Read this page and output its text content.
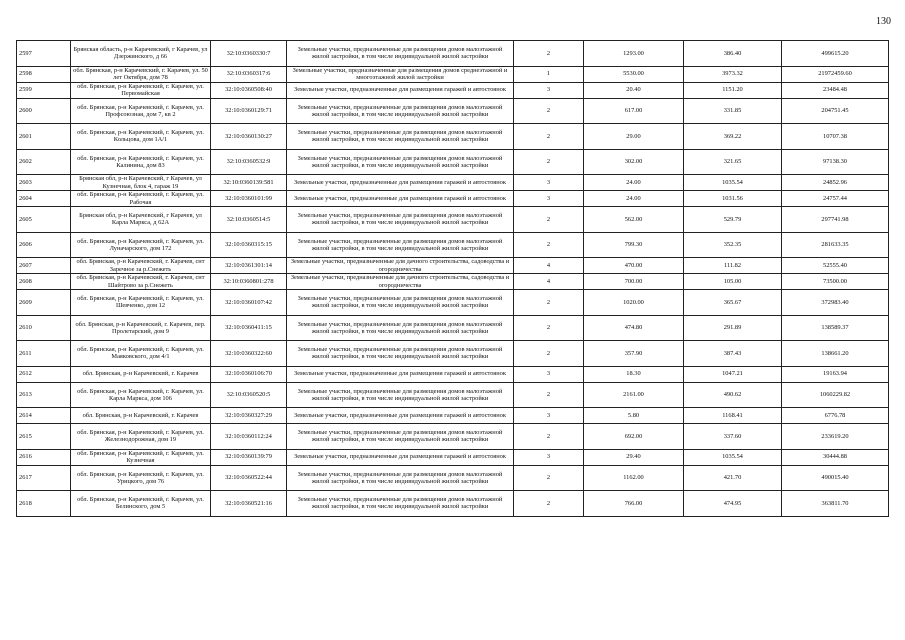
130
2597	Брянская область, р-н Карачевский, г Карачев, ул Дзержинского, д 66	32:10:0360330:7	Земельные участки, предназначенные для размещения домов малоэтажной жилой застройки, в том числе индивидуальной жилой застройки	2	1293.00	386.40	499615.20
2598	обл. Брянская, р-н Карачевский, г. Карачев, ул. 50 лет Октября, дом 78	32:10:0360317:6	Земельные участки, предназначенные для размещения домов среднеэтажной и многоэтажной жилой застройки	1	5530.00	3973.32	21972459.60
2599	обл. Брянская, р-н Карачевский, г. Карачев, ул. Первомайская	32:10:0360508:40	Земельные участки, предназначенные для размещения гаражей и автостоянок	3	20.40	1151.20	23484.48
2600	обл. Брянская, р-н Карачевский, г. Карачев, ул. Профсоюзная, дом 7, кв 2	32:10:0360129:71	Земельные участки, предназначенные для размещения домов малоэтажной жилой застройки, в том числе индивидуальной жилой застройки	2	617.00	331.85	204751.45
2601	обл. Брянская, р-н Карачевский, г. Карачев, ул. Кольцова, дом 1А/1	32:10:0360130:27	Земельные участки, предназначенные для размещения домов малоэтажной жилой застройки, в том числе индивидуальной жилой застройки	2	29.00	369.22	10707.38
2602	обл. Брянская, р-н Карачевский, г. Карачев, ул. Калинина, дом 83	32:10:0360532:9	Земельные участки, предназначенные для размещения домов малоэтажной жилой застройки, в том числе индивидуальной жилой застройки	2	302.00	321.65	97138.30
2603	Брянская обл, р-н Карачевский, г Карачев, ул Кузнечная, блок 4, гараж 19	32:10:0360139:581	Земельные участки, предназначенные для размещения гаражей и автостоянок	3	24.00	1035.54	24852.96
2604	обл. Брянская, р-н Карачевский, г. Карачев, ул. Рабочая	32:10:0360101:99	Земельные участки, предназначенные для размещения гаражей и автостоянок	3	24.00	1031.56	24757.44
2605	Брянская обл, р-н Карачевский, г Карачев, ул Карла Маркса, д 62А	32:10:0360514:5	Земельные участки, предназначенные для размещения домов малоэтажной жилой застройки, в том числе индивидуальной жилой застройки	2	562.00	529.79	297741.98
2606	обл. Брянская, р-н Карачевский, г. Карачев, ул. Луначарского, дом 172	32:10:0360315:15	Земельные участки, предназначенные для размещения домов малоэтажной жилой застройки, в том числе индивидуальной жилой застройки	2	799.30	352.35	281633.35
2607	обл. Брянская, р-н Карачевский, г. Карачев, снт Заречное за р.Снежеть	32:10:0361301:14	Земельные участки, предназначенные для дачного строительства, садоводства и огородничества	4	470.00	111.82	52555.40
2608	обл. Брянская, р-н Карачевский, г. Карачев, снт Шайтрово за р.Снежеть	32:10:0360801:278	Земельные участки, предназначенные для дачного строительства, садоводства и огородничества	4	700.00	105.00	73500.00
2609	обл. Брянская, р-н Карачевский, г. Карачев, ул. Шевченко, дом 12	32:10:0360107:42	Земельные участки, предназначенные для размещения домов малоэтажной жилой застройки, в том числе индивидуальной жилой застройки	2	1020.00	365.67	372983.40
2610	обл. Брянская, р-н Карачевский, г. Карачев, пер. Пролетарский, дом 9	32:10:0360411:15	Земельные участки, предназначенные для размещения домов малоэтажной жилой застройки, в том числе индивидуальной жилой застройки	2	474.80	291.89	138589.37
2611	обл. Брянская, р-н Карачевский, г. Карачев, ул. Маяковского, дом 4/1	32:10:0360322:60	Земельные участки, предназначенные для размещения домов малоэтажной жилой застройки, в том числе индивидуальной жилой застройки	2	357.90	387.43	138661.20
2612	обл. Брянская, р-н Карачевский, г. Карачев	32:10:0360106:70	Земельные участки, предназначенные для размещения гаражей и автостоянок	3	18.30	1047.21	19163.94
2613	обл. Брянская, р-н Карачевский, г. Карачев, ул. Карла Маркса, дом 106	32:10:0360520:5	Земельные участки, предназначенные для размещения домов малоэтажной жилой застройки, в том числе индивидуальной жилой застройки	2	2161.00	490.62	1060229.82
2614	обл. Брянская, р-н Карачевский, г. Карачев	32:10:0360327:29	Земельные участки, предназначенные для размещения гаражей и автостоянок	3	5.80	1168.41	6776.78
2615	обл. Брянская, р-н Карачевский, г. Карачев, ул. Железнодорожная, дом 19	32:10:0360112:24	Земельные участки, предназначенные для размещения домов малоэтажной жилой застройки, в том числе индивидуальной жилой застройки	2	692.00	337.60	233619.20
2616	обл. Брянская, р-н Карачевский, г. Карачев, ул. Кузнечная	32:10:0360139:79	Земельные участки, предназначенные для размещения гаражей и автостоянок	3	29.40	1035.54	30444.88
2617	обл. Брянская, р-н Карачевский, г. Карачев, ул. Урицкого, дом 76	32:10:0360522:44	Земельные участки, предназначенные для размещения домов малоэтажной жилой застройки, в том числе индивидуальной жилой застройки	2	1162.00	421.70	490015.40
2618	обл. Брянская, р-н Карачевский, г. Карачев, ул. Белинского, дом 5	32:10:0360521:16	Земельные участки, предназначенные для размещения домов малоэтажной жилой застройки, в том числе индивидуальной жилой застройки	2	766.00	474.95	363811.70
